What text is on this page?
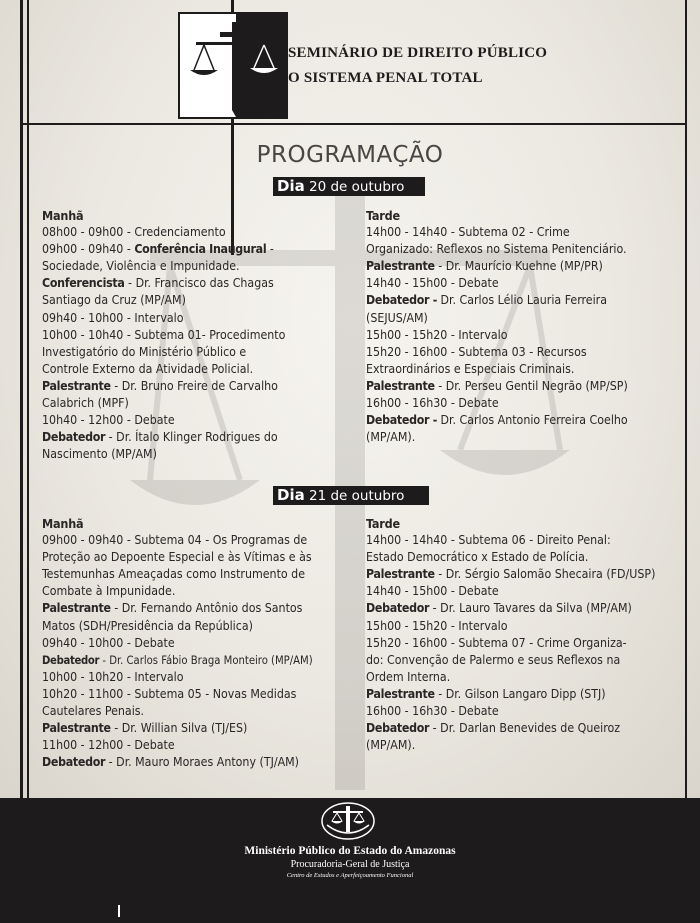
SEMINÁRIO DE DIREITO PÚBLICO
O SISTEMA PENAL TOTAL
PROGRAMAÇÃO
Dia 20 de outubro
Manhã
08h00 - 09h00 - Credenciamento
09h00 - 09h40 - Conferência Inaugural -
Sociedade, Violência e Impunidade.
Conferencista - Dr. Francisco das Chagas
Santiago da Cruz (MP/AM)
09h40 - 10h00 - Intervalo
10h00 - 10h40 - Subtema 01- Procedimento
Investigatório do Ministério Público e
Controle Externo da Atividade Policial.
Palestrante - Dr. Bruno Freire de Carvalho
Calabrich (MPF)
10h40 - 12h00 - Debate
Debatedor - Dr. Ítalo Klinger Rodrigues do
Nascimento (MP/AM)
Tarde
14h00 - 14h40 - Subtema 02 - Crime
Organizado: Reflexos no Sistema Penitenciário.
Palestrante - Dr. Maurício Kuehne (MP/PR)
14h40 - 15h00 - Debate
Debatedor - Dr. Carlos Lélio Lauria Ferreira
(SEJUS/AM)
15h00 - 15h20 - Intervalo
15h20 - 16h00 - Subtema 03 - Recursos
Extraordinários e Especiais Criminais.
Palestrante - Dr. Perseu Gentil Negrão (MP/SP)
16h00 - 16h30 - Debate
Debatedor - Dr. Carlos Antonio Ferreira Coelho
(MP/AM).
Dia 21 de outubro
Manhã
09h00 - 09h40 - Subtema 04 - Os Programas de
Proteção ao Depoente Especial e às Vítimas e às
Testemunhas Ameaçadas como Instrumento de
Combate à Impunidade.
Palestrante - Dr. Fernando Antônio dos Santos
Matos (SDH/Presidência da República)
09h40 - 10h00 - Debate
Debatedor - Dr. Carlos Fábio Braga Monteiro (MP/AM)
10h00 - 10h20 - Intervalo
10h20 - 11h00 - Subtema 05 - Novas Medidas
Cautelares Penais.
Palestrante - Dr. Willian Silva (TJ/ES)
11h00 - 12h00 - Debate
Debatedor - Dr. Mauro Moraes Antony (TJ/AM)
Tarde
14h00 - 14h40 - Subtema 06 - Direito Penal:
Estado Democrático x Estado de Polícia.
Palestrante - Dr. Sérgio Salomão Shecaira (FD/USP)
14h40 - 15h00 - Debate
Debatedor - Dr. Lauro Tavares da Silva (MP/AM)
15h00 - 15h20 - Intervalo
15h20 - 16h00 - Subtema 07 - Crime Organiza-
do: Convenção de Palermo e seus Reflexos na
Ordem Interna.
Palestrante - Dr. Gilson Langaro Dipp (STJ)
16h00 - 16h30 - Debate
Debatedor - Dr. Darlan Benevides de Queiroz
(MP/AM).
Ministério Público do Estado do Amazonas
Procuradoria-Geral de Justiça
Centro de Estudos e Aperfeiçoamento Funcional
